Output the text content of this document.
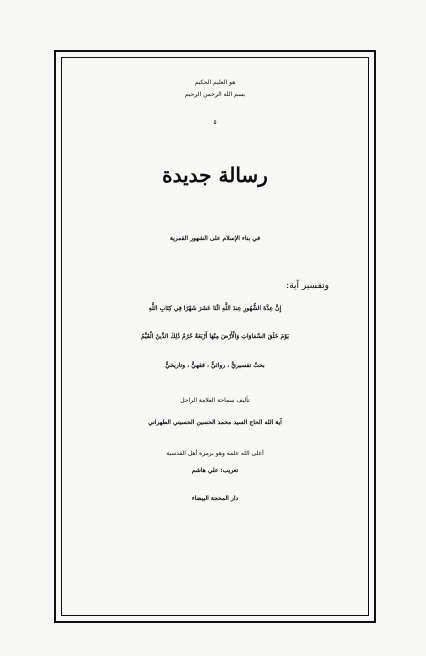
هو العلیم الحکیم
بسم الله الرحمن الرحیم
٥
رسالة جديدة
في بناء الإسلام على الشهور القمرية
وتفسير آية:
إِنَّ عِدَّةَ الشُّهُورِ عِندَ اللَّهِ اثْنَا عَشَرَ شَهْرًا فِي كِتَابِ اللَّهِ
يَوْمَ خَلَقَ السَّمَاوَاتِ وَالْأَرْضَ مِنْهَا أَرْبَعَةٌ حُرُمٌ ذَٰلِكَ الدِّينُ الْقَيِّمُ
بحثٌ تفسيريٌّ ، روائيٌّ ، فقهيٌّ ، وتاريخيٌّ
تأليف سماحة العلامة الراحل
آية الله الحاج السيد محمد الحسين الحسيني الطهراني
أعلى الله علمه وهو بزمرة أهل القدسية
تعريب: علي هاشم
دار المحجة البيضاء
